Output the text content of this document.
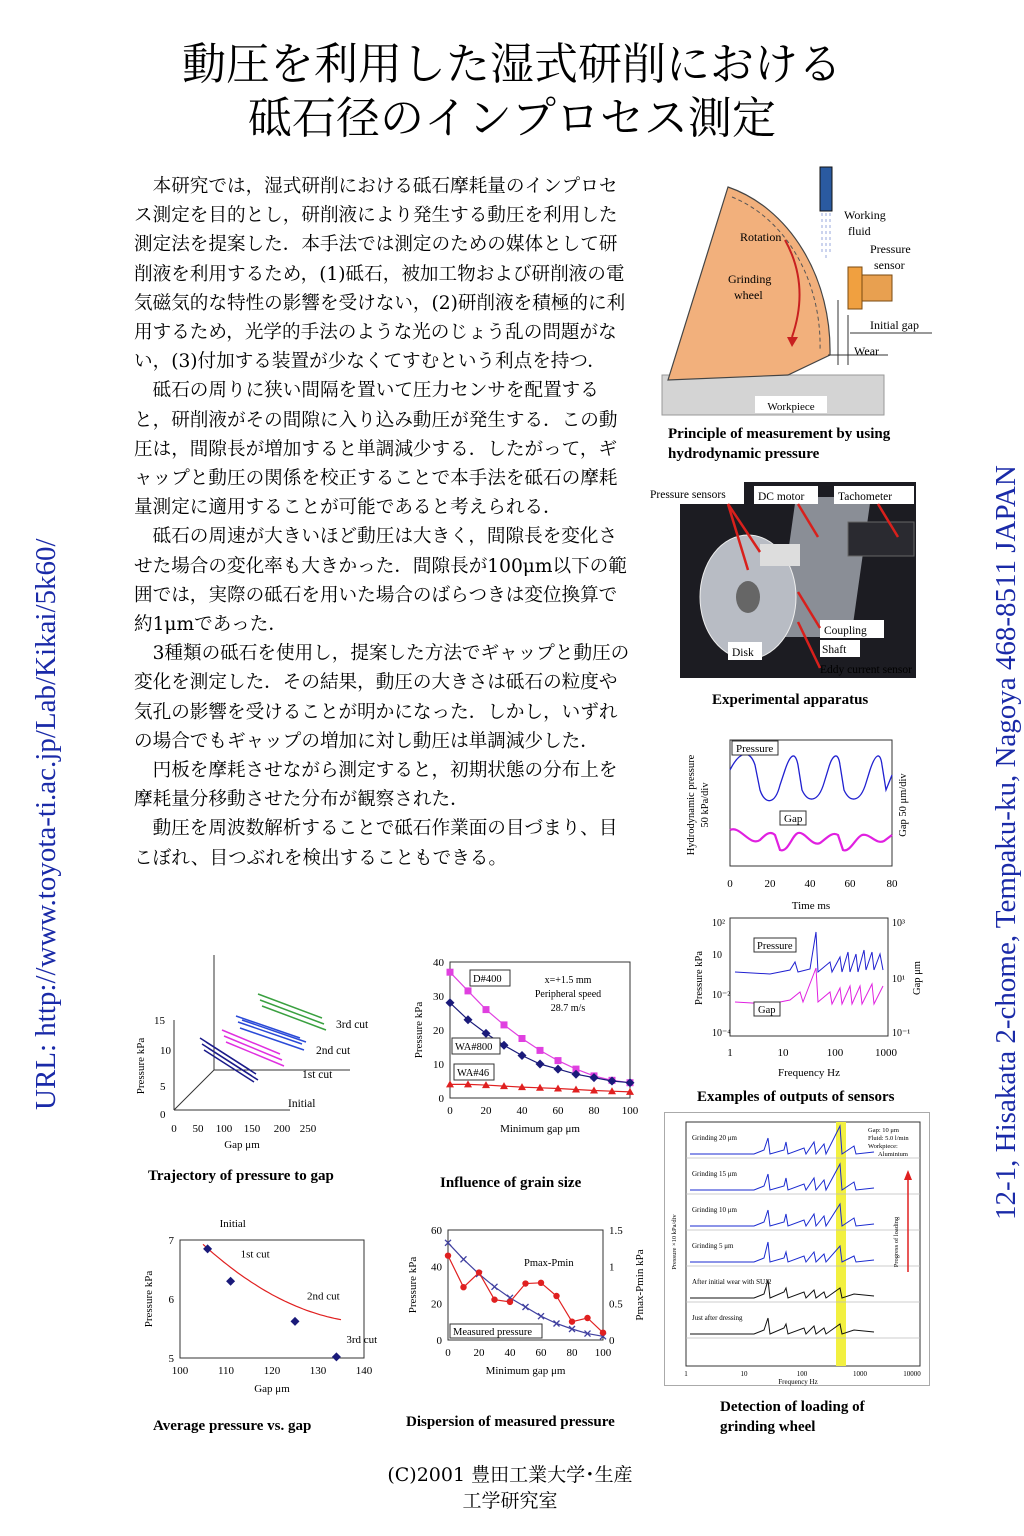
動圧を利用した湿式研削における
砥石径のインプロセス測定

本研究では，湿式研削における砥石摩耗量のインプロセス測定を目的とし，研削液により発生する動圧を利用した測定法を提案した．本手法では測定のための媒体として研削液を利用するため，(1)砥石，被加工物および研削液の電気磁気的な特性の影響を受けない，(2)研削液を積極的に利用するため，光学的手法のような光のじょう乱の問題がない，(3)付加する装置が少なくてすむという利点を持つ．

砥石の周りに狭い間隔を置いて圧力センサを配置すると，研削液がその間隙に入り込み動圧が発生する．この動圧は，間隙長が増加すると単調減少する．したがって，ギャップと動圧の関係を校正することで本手法を砥石の摩耗量測定に適用することが可能であると考えられる．

砥石の周速が大きいほど動圧は大きく，間隙長を変化させた場合の変化率も大きかった．間隙長が100μm以下の範囲では，実際の砥石を用いた場合のばらつきは変位換算で約1μmであった．

3種類の砥石を使用し，提案した方法でギャップと動圧の変化を測定した．その結果，動圧の大きさは砥石の粒度や気孔の影響を受けることが明かになった．しかし，いずれの場合でもギャップの増加に対し動圧は単調減少した．

円板を摩耗させながら測定すると，初期状態の分布上を摩耗量分移動させた分布が観察された．

動圧を周波数解析することで砥石作業面の目づまり、目こぼれ、目つぶれを検出することもできる。

URL: http://www.toyota-ti.ac.jp/Lab/Kikai/5k60/	12-1, Hisakata 2-chome, Tempaku-ku, Nagoya 468-8511 JAPAN
Workpiece
Working
fluid
Rotation
Pressure
sensor
Grinding
wheel
Initial gap
Wear
Principle of measurement by using
hydrodynamic pressure
Pressure sensors	DC motor	Tachometer
Coupling
Shaft
Disk
Eddy current sensor
Experimental apparatus
Pressure
Gap
Hydrodynamic pressure 50 kPa/div	Gap 50 μm/div
0	20	40	60	80
Time ms
Pressure
Gap
10²
10
10⁻²
10⁻⁴
10³
10¹
10⁻¹
Pressure kPa	Gap μm
1	10	100	1000
Frequency Hz
Examples of outputs of sensors
3rd cut
2nd cut
1st cut
Initial
0
5
10
15
Pressure kPa
0 50 100 150 200 250
Gap μm
Trajectory of pressure to gap
0	20 40 60 80 100
0
10
20
30
40
Minimum gap μm
Pressure kPa
D#400
WA#800
WA#46
x=+1.5 mm
Peripheral speed
28.7 m/s
Influence of grain size
100	110	120	130	140
5
6
7
Gap μm
Pressure kPa
Initial
1st cut
2nd cut
3rd cut
Average pressure vs. gap
0 20 40 60 80 100
0
20
40
60
Minimum gap μm
Pressure kPa
0
0.5
1
1.5
Pmax-Pmin kPa
Measured pressure
Pmax-Pmin
Dispersion of measured pressure
Grinding 20 μm
Grinding 15 μm
Grinding 10 μm
Grinding 5 μm
After initial wear with SUJ2
Just after dressing
Gap: 10 μm
Fluid: 5.0 l/min
Workpiece:
Aluminium
Progress of loading
Pressure ×10 kPa/div
1	10	100	1000	10000
Frequency Hz
Detection of loading of
grinding wheel
(C)2001 豊田工業大学･生産
工学研究室
